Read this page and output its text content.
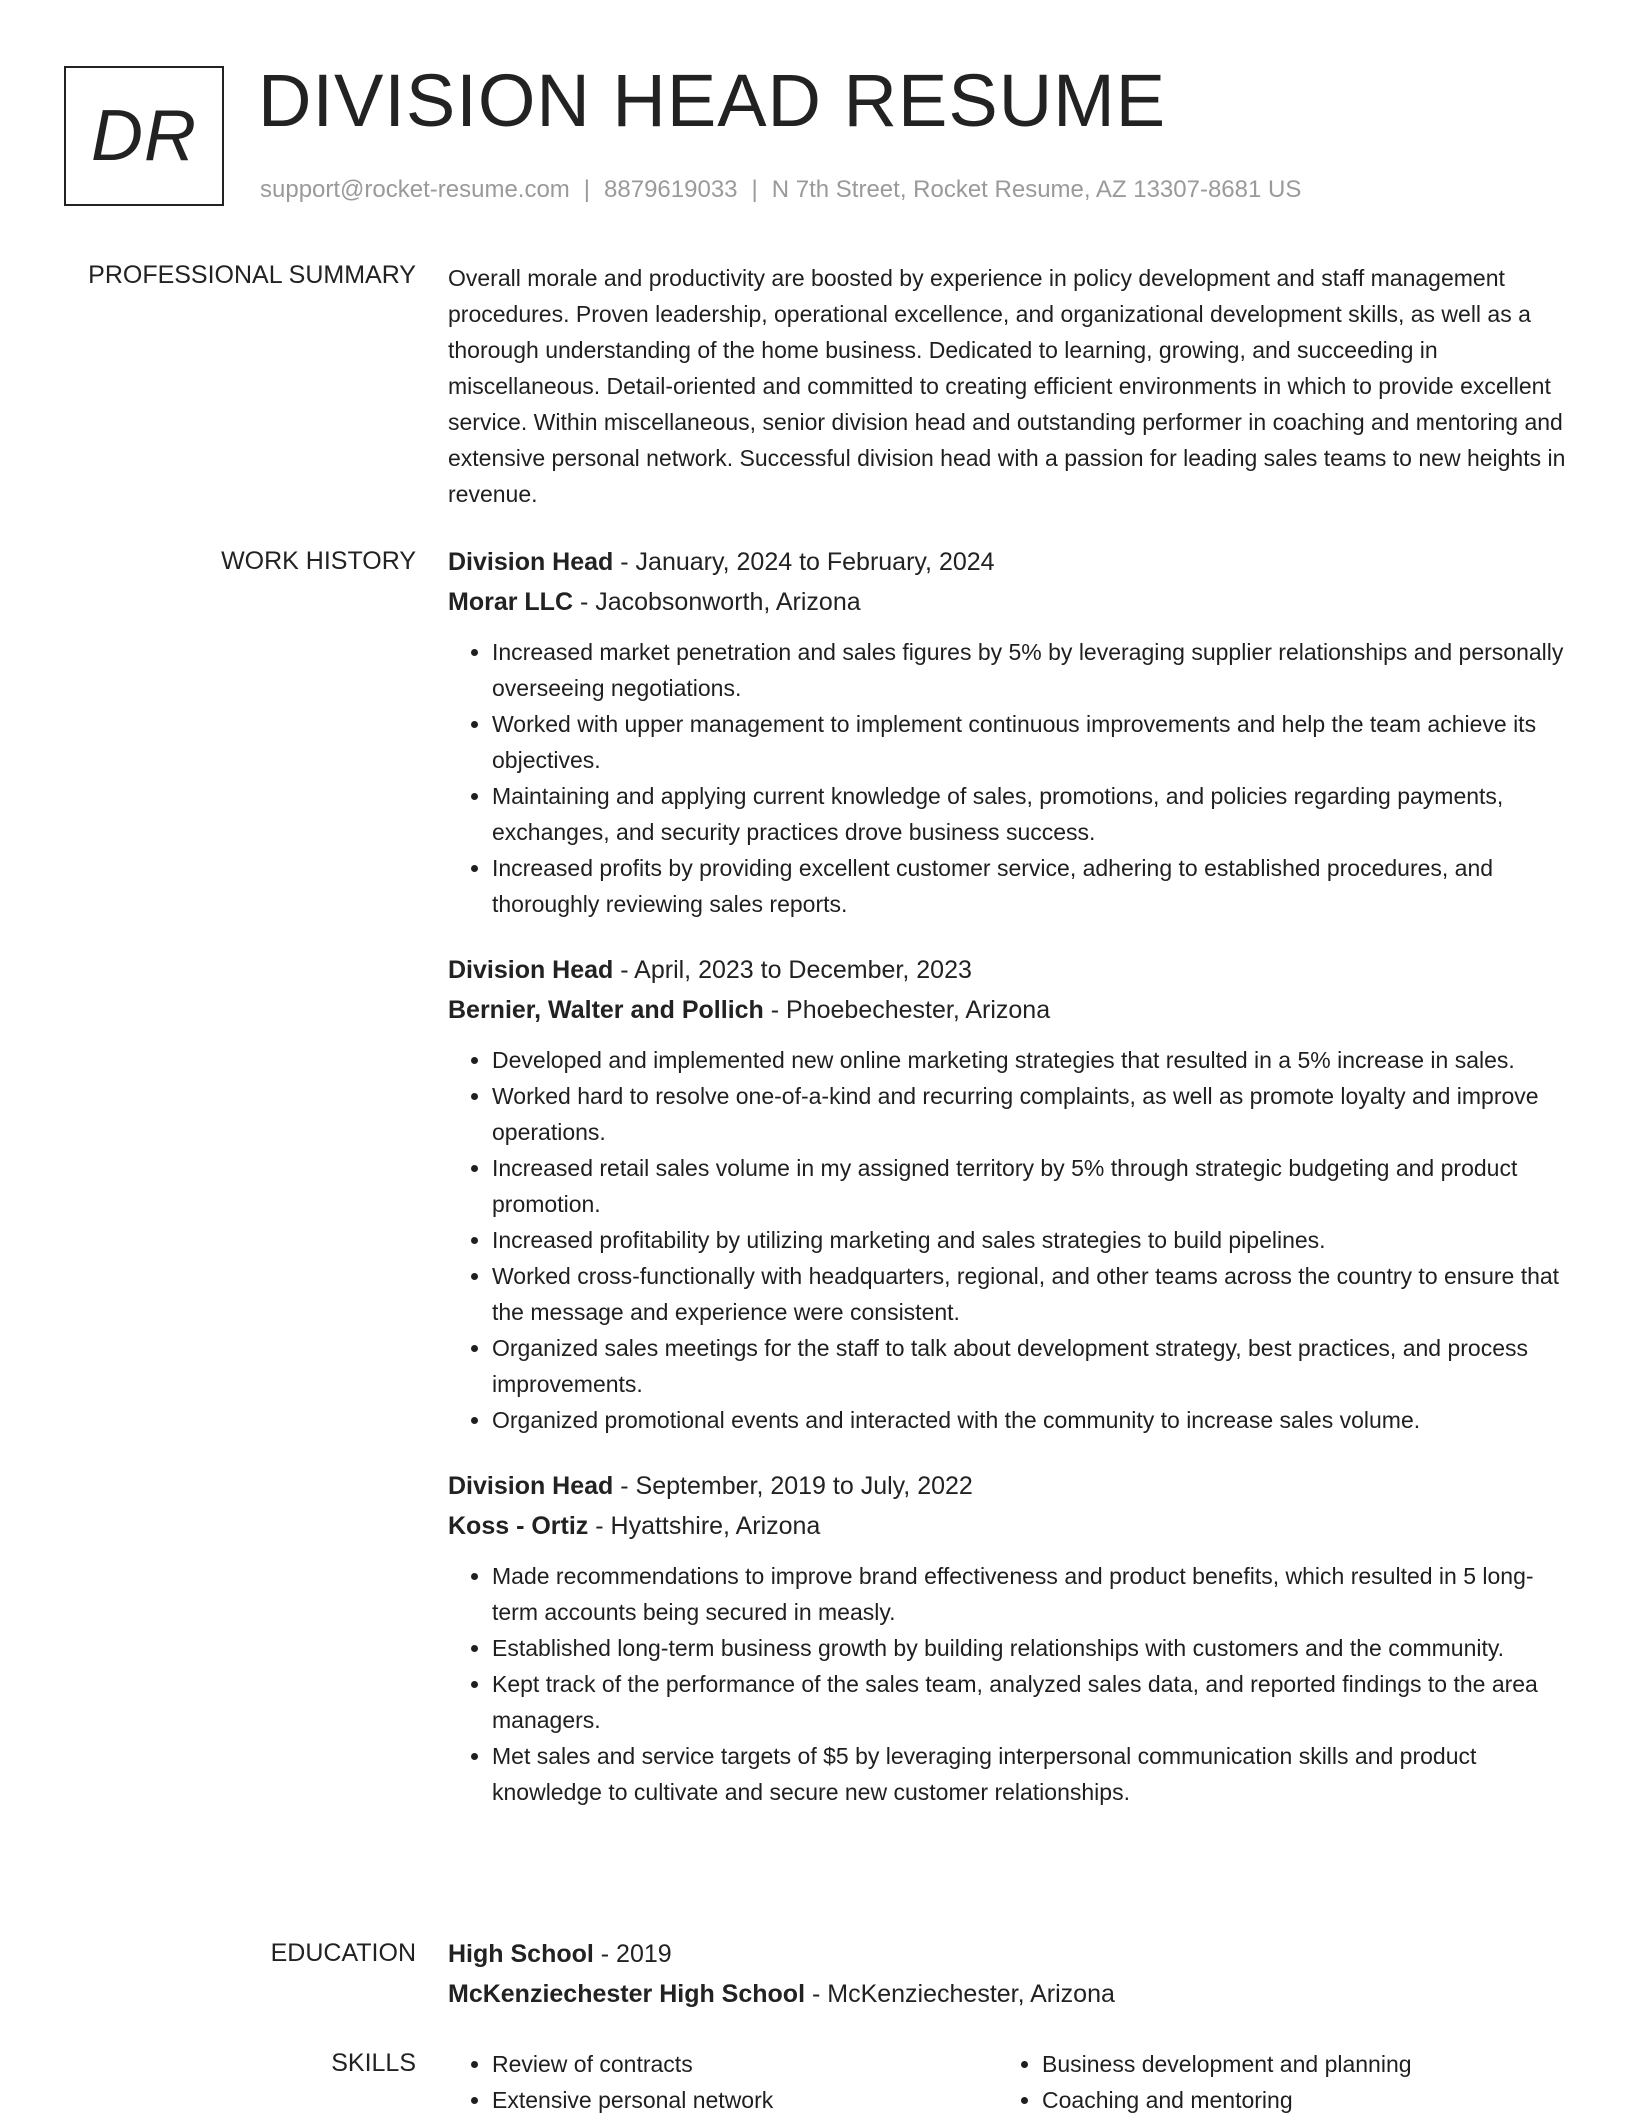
DR DIVISION HEAD RESUME
support@rocket-resume.com | 8879619033 | N 7th Street, Rocket Resume, AZ 13307-8681 US
PROFESSIONAL SUMMARY Overall morale and productivity are boosted by experience in policy development and staff management procedures. Proven leadership, operational excellence, and organizational development skills, as well as a thorough understanding of the home business. Dedicated to learning, growing, and succeeding in miscellaneous. Detail-oriented and committed to creating efficient environments in which to provide excellent service. Within miscellaneous, senior division head and outstanding performer in coaching and mentoring and extensive personal network. Successful division head with a passion for leading sales teams to new heights in revenue.

WORK HISTORY Division Head - January, 2024 to February, 2024

Morar LLC - Jacobsonworth, Arizona

• Increased market penetration and sales figures by 5% by leveraging supplier relationships and personally overseeing negotiations.
• Worked with upper management to implement continuous improvements and help the team achieve its objectives.
• Maintaining and applying current knowledge of sales, promotions, and policies regarding payments, exchanges, and security practices drove business success.
• Increased profits by providing excellent customer service, adhering to established procedures, and thoroughly reviewing sales reports.

Division Head - April, 2023 to December, 2023

Bernier, Walter and Pollich - Phoebechester, Arizona

• Developed and implemented new online marketing strategies that resulted in a 5% increase in sales.
• Worked hard to resolve one-of-a-kind and recurring complaints, as well as promote loyalty and improve operations.
• Increased retail sales volume in my assigned territory by 5% through strategic budgeting and product promotion.
• Increased profitability by utilizing marketing and sales strategies to build pipelines.
• Worked cross-functionally with headquarters, regional, and other teams across the country to ensure that the message and experience were consistent.
• Organized sales meetings for the staff to talk about development strategy, best practices, and process improvements.
• Organized promotional events and interacted with the community to increase sales volume.

Division Head - September, 2019 to July, 2022

Koss - Ortiz - Hyattshire, Arizona

• Made recommendations to improve brand effectiveness and product benefits, which resulted in 5 long-term accounts being secured in measly.
• Established long-term business growth by building relationships with customers and the community.
• Kept track of the performance of the sales team, analyzed sales data, and reported findings to the area managers.
• Met sales and service targets of $5 by leveraging interpersonal communication skills and product knowledge to cultivate and secure new customer relationships.
EDUCATION High School - 2019

McKenziechester High School - McKenziechester, Arizona

SKILLS
•	Review of contracts
• Extensive personal network
• Business development and planning
• Coaching and mentoring
